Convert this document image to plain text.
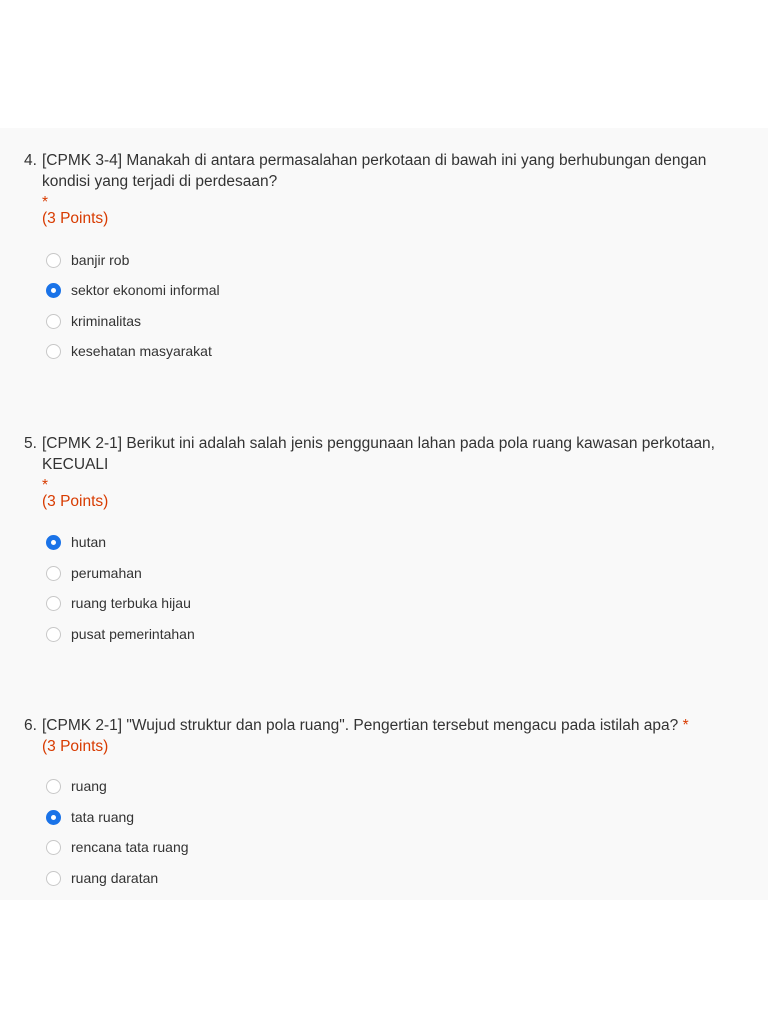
4. [CPMK 3-4] Manakah di antara permasalahan perkotaan di bawah ini yang berhubungan dengan kondisi yang terjadi di perdesaan?
*
(3 Points)
banjir rob
sektor ekonomi informal
kriminalitas
kesehatan masyarakat
5. [CPMK 2-1] Berikut ini adalah salah jenis penggunaan lahan pada pola ruang kawasan perkotaan, KECUALI
*
(3 Points)
hutan
perumahan
ruang terbuka hijau
pusat pemerintahan
6. [CPMK 2-1] "Wujud struktur dan pola ruang". Pengertian tersebut mengacu pada istilah apa? *
(3 Points)
ruang
tata ruang
rencana tata ruang
ruang daratan
